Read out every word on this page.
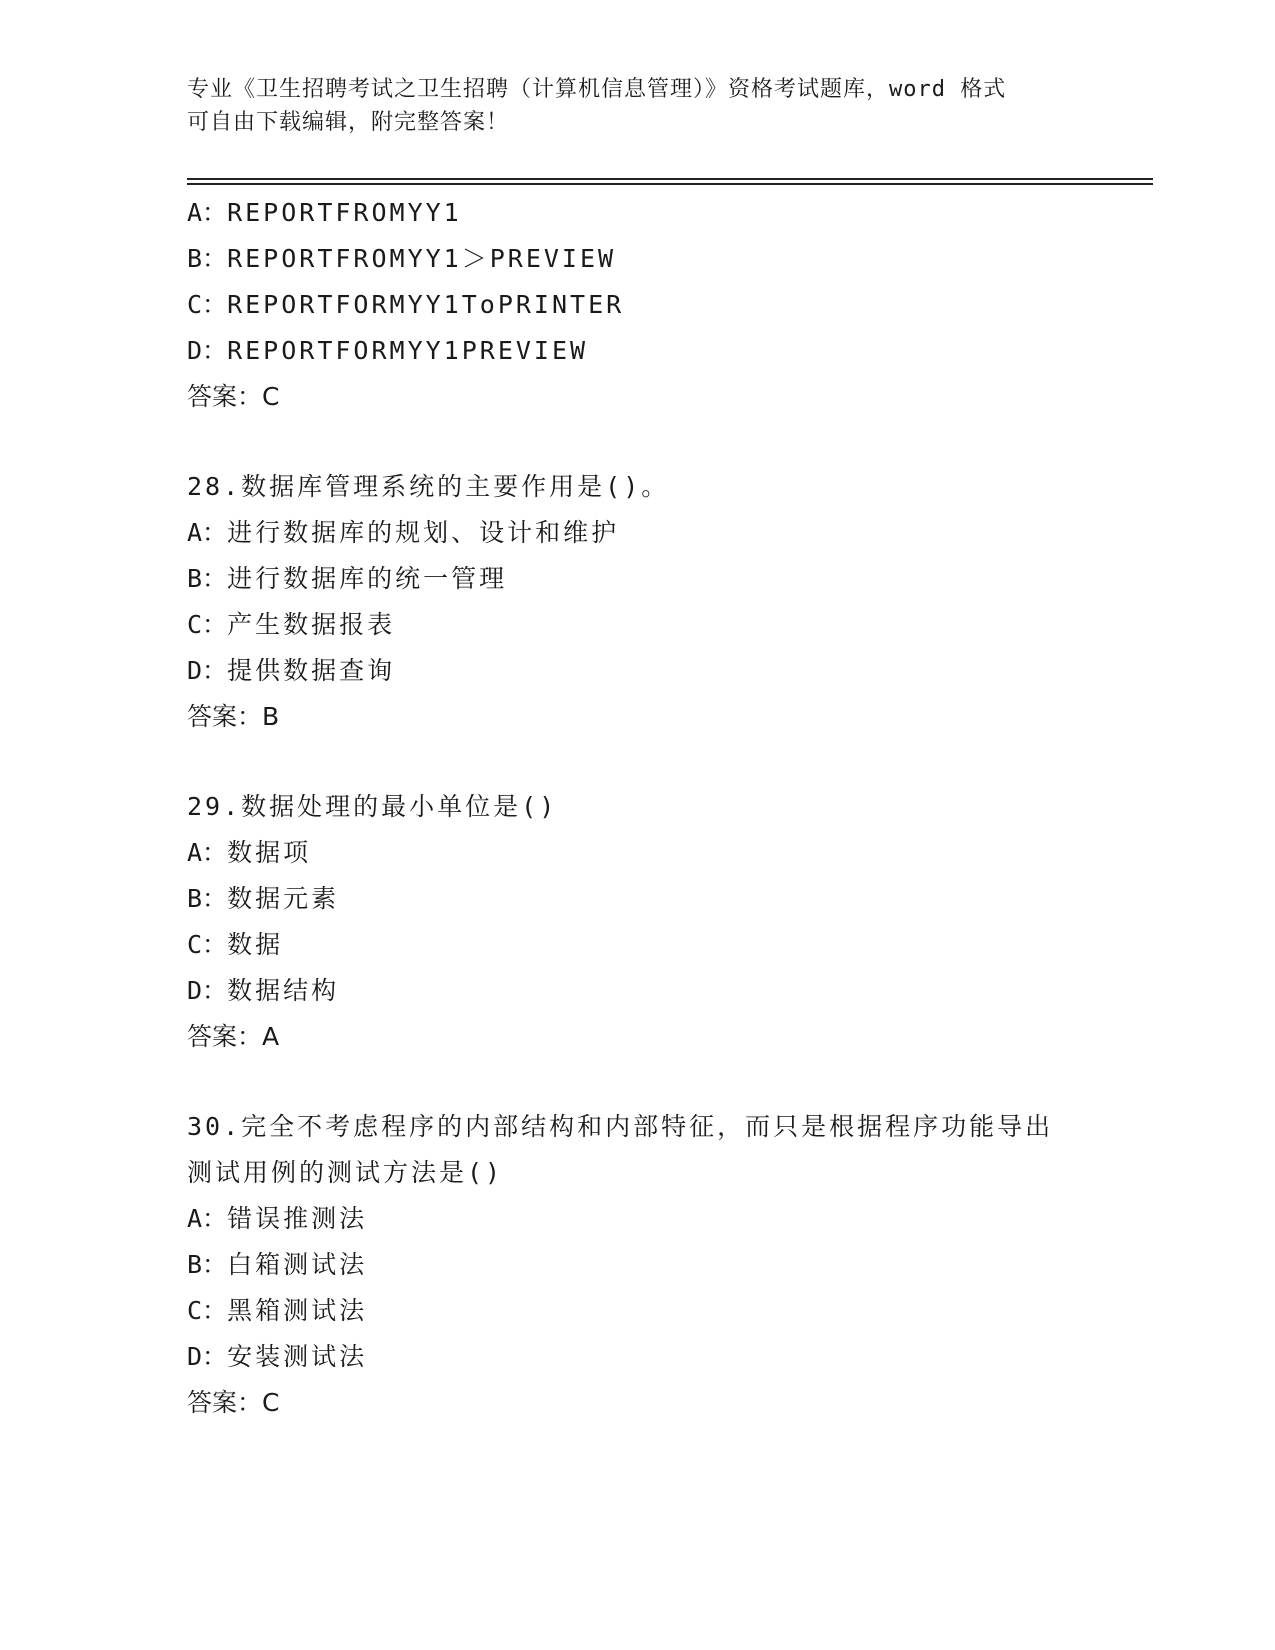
专业《卫生招聘考试之卫生招聘（计算机信息管理）》资格考试题库，word 格式
可自由下载编辑，附完整答案！
A：REPORTFROMYY1
B：REPORTFROMYY1＞PREVIEW
C：REPORTFORMYY1ToPRINTER
D：REPORTFORMYY1PREVIEW
答案：C
28.数据库管理系统的主要作用是()。
A：进行数据库的规划、设计和维护
B：进行数据库的统一管理
C：产生数据报表
D：提供数据查询
答案：B
29.数据处理的最小单位是()
A：数据项
B：数据元素
C：数据
D：数据结构
答案：A
30.完全不考虑程序的内部结构和内部特征，而只是根据程序功能导出
测试用例的测试方法是()
A：错误推测法
B：白箱测试法
C：黑箱测试法
D：安装测试法
答案：C
